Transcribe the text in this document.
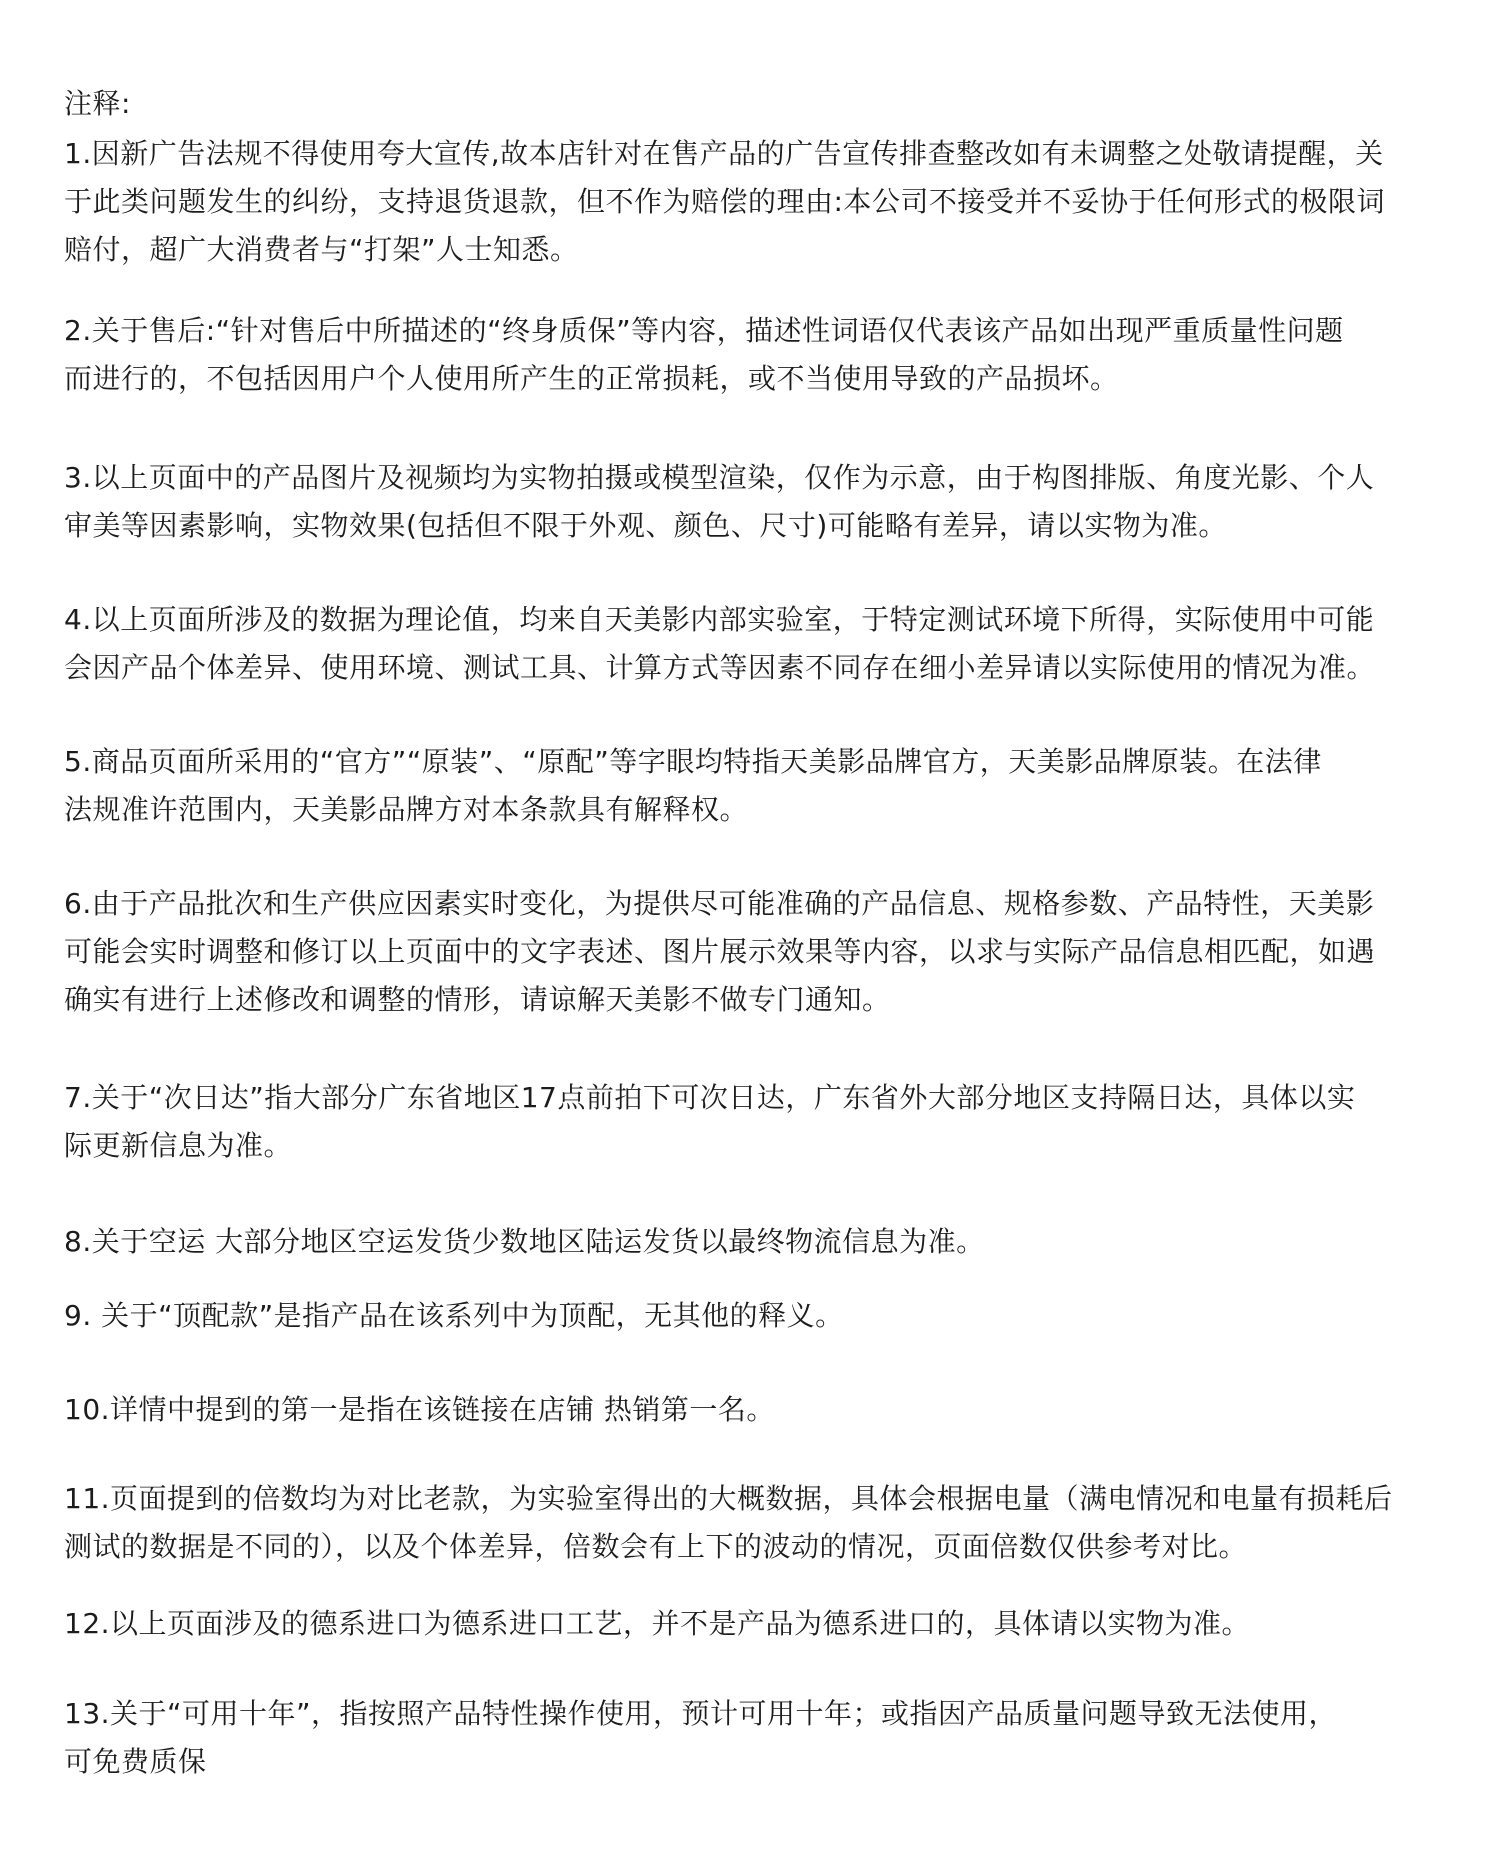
注释:
1.因新广告法规不得使用夸大宣传,故本店针对在售产品的广告宣传排查整改如有未调整之处敬请提醒，关
于此类问题发生的纠纷，支持退货退款，但不作为赔偿的理由:本公司不接受并不妥协于任何形式的极限词
赔付，超广大消费者与“打架”人士知悉。
2.关于售后:“针对售后中所描述的“终身质保”等内容，描述性词语仅代表该产品如出现严重质量性问题
而进行的，不包括因用户个人使用所产生的正常损耗，或不当使用导致的产品损坏。
3.以上页面中的产品图片及视频均为实物拍摄或模型渲染，仅作为示意，由于构图排版、角度光影、个人
审美等因素影响，实物效果(包括但不限于外观、颜色、尺寸)可能略有差异，请以实物为准。
4.以上页面所涉及的数据为理论值，均来自天美影内部实验室，于特定测试环境下所得，实际使用中可能
会因产品个体差异、使用环境、测试工具、计算方式等因素不同存在细小差异请以实际使用的情况为准。
5.商品页面所采用的“官方”“原装”、“原配”等字眼均特指天美影品牌官方，天美影品牌原装。在法律
法规准许范围内，天美影品牌方对本条款具有解释权。
6.由于产品批次和生产供应因素实时变化，为提供尽可能准确的产品信息、规格参数、产品特性，天美影
可能会实时调整和修订以上页面中的文字表述、图片展示效果等内容，以求与实际产品信息相匹配，如遇
确实有进行上述修改和调整的情形，请谅解天美影不做专门通知。
7.关于“次日达”指大部分广东省地区17点前拍下可次日达，广东省外大部分地区支持隔日达，具体以实
际更新信息为准。
8.关于空运 大部分地区空运发货少数地区陆运发货以最终物流信息为准。
9. 关于“顶配款”是指产品在该系列中为顶配，无其他的释义。
10.详情中提到的第一是指在该链接在店铺 热销第一名。
11.页面提到的倍数均为对比老款，为实验室得出的大概数据，具体会根据电量（满电情况和电量有损耗后
测试的数据是不同的），以及个体差异，倍数会有上下的波动的情况，页面倍数仅供参考对比。
12.以上页面涉及的德系进口为德系进口工艺，并不是产品为德系进口的，具体请以实物为准。
13.关于“可用十年”，指按照产品特性操作使用，预计可用十年；或指因产品质量问题导致无法使用，
可免费质保
